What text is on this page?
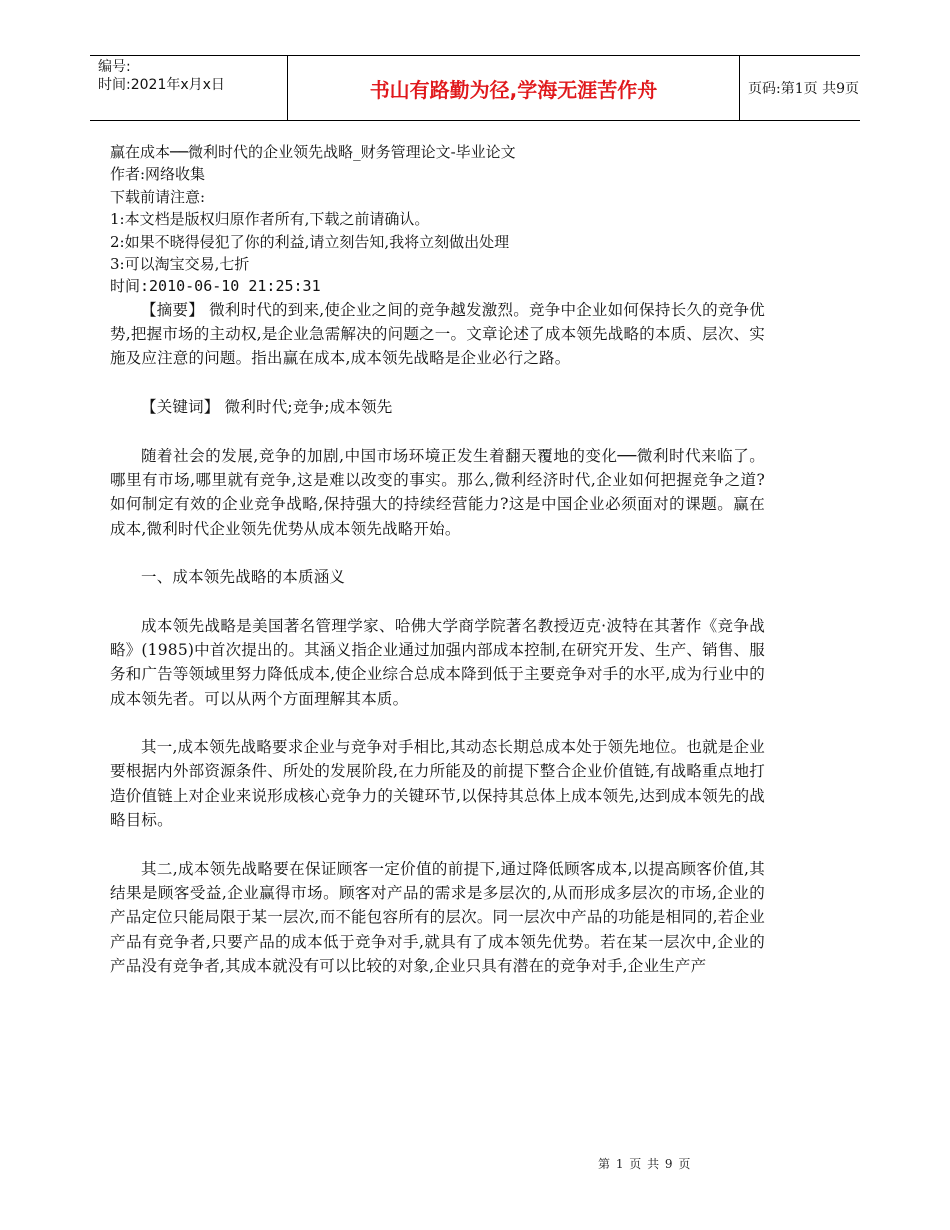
编号:
时间:2021年x月x日	书山有路勤为径,学海无涯苦作舟	页码:第1页 共9页
赢在成本──微利时代的企业领先战略_财务管理论文-毕业论文
作者:网络收集
下载前请注意:
1:本文档是版权归原作者所有,下载之前请确认。
2:如果不晓得侵犯了你的利益,请立刻告知,我将立刻做出处理
3:可以淘宝交易,七折
时间:2010-06-10 21:25:31

【摘要】 微利时代的到来,使企业之间的竞争越发激烈。竞争中企业如何保持长久的竞争优势,把握市场的主动权,是企业急需解决的问题之一。文章论述了成本领先战略的本质、层次、实施及应注意的问题。指出赢在成本,成本领先战略是企业必行之路。

【关键词】 微利时代;竞争;成本领先

随着社会的发展,竞争的加剧,中国市场环境正发生着翻天覆地的变化──微利时代来临了。哪里有市场,哪里就有竞争,这是难以改变的事实。那么,微利经济时代,企业如何把握竞争之道?如何制定有效的企业竞争战略,保持强大的持续经营能力?这是中国企业必须面对的课题。赢在成本,微利时代企业领先优势从成本领先战略开始。

一、成本领先战略的本质涵义

成本领先战略是美国著名管理学家、哈佛大学商学院著名教授迈克·波特在其著作《竞争战略》(1985)中首次提出的。其涵义指企业通过加强内部成本控制,在研究开发、生产、销售、服务和广告等领域里努力降低成本,使企业综合总成本降到低于主要竞争对手的水平,成为行业中的成本领先者。可以从两个方面理解其本质。

其一,成本领先战略要求企业与竞争对手相比,其动态长期总成本处于领先地位。也就是企业要根据内外部资源条件、所处的发展阶段,在力所能及的前提下整合企业价值链,有战略重点地打造价值链上对企业来说形成核心竞争力的关键环节,以保持其总体上成本领先,达到成本领先的战略目标。

其二,成本领先战略要在保证顾客一定价值的前提下,通过降低顾客成本,以提高顾客价值,其结果是顾客受益,企业赢得市场。顾客对产品的需求是多层次的,从而形成多层次的市场,企业的产品定位只能局限于某一层次,而不能包容所有的层次。同一层次中产品的功能是相同的,若企业产品有竞争者,只要产品的成本低于竞争对手,就具有了成本领先优势。若在某一层次中,企业的产品没有竞争者,其成本就没有可以比较的对象,企业只具有潜在的竞争对手,企业生产产

第 1 页 共 9 页
